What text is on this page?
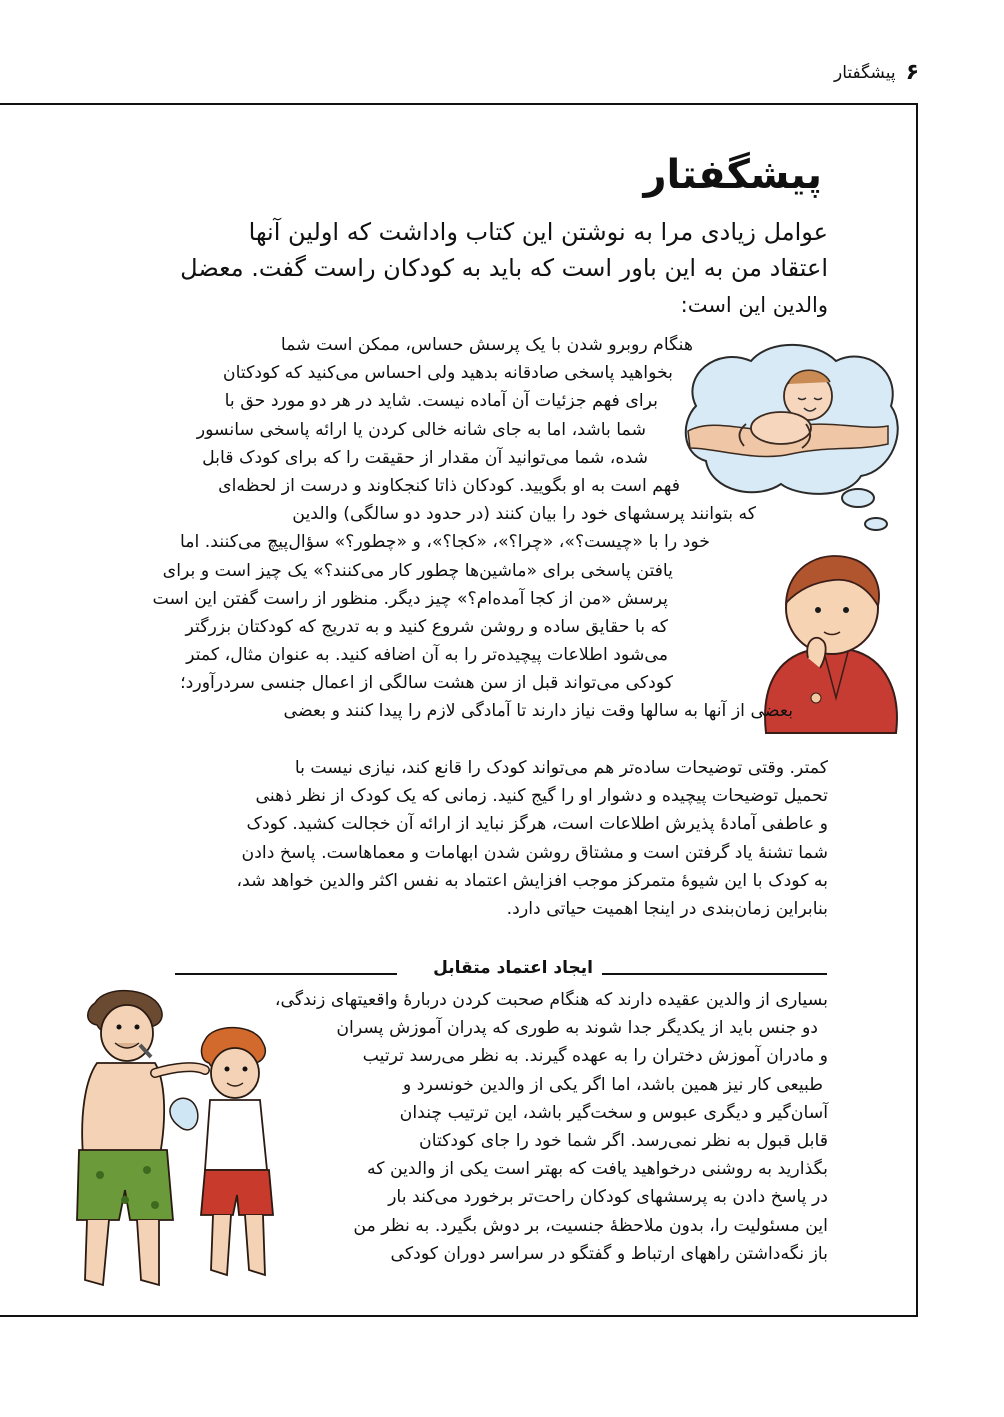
۶
پیشگفتار
پیشگفتار

عوامل زیادی مرا به نوشتن این کتاب واداشت که اولین آنها
اعتقاد من به این باور است که باید به کودکان راست گفت. معضل
والدین این است:

هنگام روبرو شدن با یک پرسش حساس، ممکن است شما
بخواهید پاسخی صادقانه بدهید ولی احساس می‌کنید که کودکتان
برای فهم جزئیات آن آماده نیست. شاید در هر دو مورد حق با
شما باشد، اما به جای شانه خالی کردن یا ارائه پاسخی سانسور
شده، شما می‌توانید آن مقدار از حقیقت را که برای کودک قابل
فهم است به او بگویید. کودکان ذاتا کنجکاوند و درست از لحظه‌ای
که بتوانند پرسشهای خود را بیان کنند (در حدود دو سالگی) والدین
خود را با «چیست؟»، «چرا؟»، «کجا؟»، و «چطور؟» سؤال‌پیچ می‌کنند. اما
یافتن پاسخی برای «ماشین‌ها چطور کار می‌کنند؟» یک چیز است و برای
پرسش «من از کجا آمده‌ام؟» چیز دیگر. منظور از راست گفتن این است
که با حقایق ساده و روشن شروع کنید و به تدریج که کودکتان بزرگتر
می‌شود اطلاعات پیچیده‌تر را به آن اضافه کنید. به عنوان مثال، کمتر
کودکی می‌تواند قبل از سن هشت سالگی از اعمال جنسی سردرآورد؛
بعضی از آنها به سالها وقت نیاز دارند تا آمادگی لازم را پیدا کنند و بعضی

کمتر. وقتی توضیحات ساده‌تر هم می‌تواند کودک را قانع کند، نیازی نیست با
تحمیل توضیحات پیچیده و دشوار او را گیج کنید. زمانی که یک کودک از نظر ذهنی
و عاطفی آمادهٔ پذیرش اطلاعات است، هرگز نباید از ارائه آن خجالت کشید. کودک
شما تشنهٔ یاد گرفتن است و مشتاق روشن شدن ابهامات و معماهاست. پاسخ دادن
به کودک با این شیوهٔ متمرکز موجب افزایش اعتماد به نفس اکثر والدین خواهد شد،
بنابراین زمان‌بندی در اینجا اهمیت حیاتی دارد.

ایجاد اعتماد متقابل

بسیاری از والدین عقیده دارند که هنگام صحبت کردن دربارهٔ واقعیتهای زندگی،
دو جنس باید از یکدیگر جدا شوند به طوری که پدران آموزش پسران
و مادران آموزش دختران را به عهده گیرند. به نظر می‌رسد ترتیب
طبیعی کار نیز همین باشد، اما اگر یکی از والدین خونسرد و
آسان‌گیر و دیگری عبوس و سخت‌گیر باشد، این ترتیب چندان
قابل قبول به نظر نمی‌رسد. اگر شما خود را جای کودکتان
بگذارید به روشنی درخواهید یافت که بهتر است یکی از والدین که
در پاسخ دادن به پرسشهای کودکان راحت‌تر برخورد می‌کند بار
این مسئولیت را، بدون ملاحظهٔ جنسیت، بر دوش بگیرد. به نظر من
باز نگه‌داشتن راههای ارتباط و گفتگو در سراسر دوران کودکی
